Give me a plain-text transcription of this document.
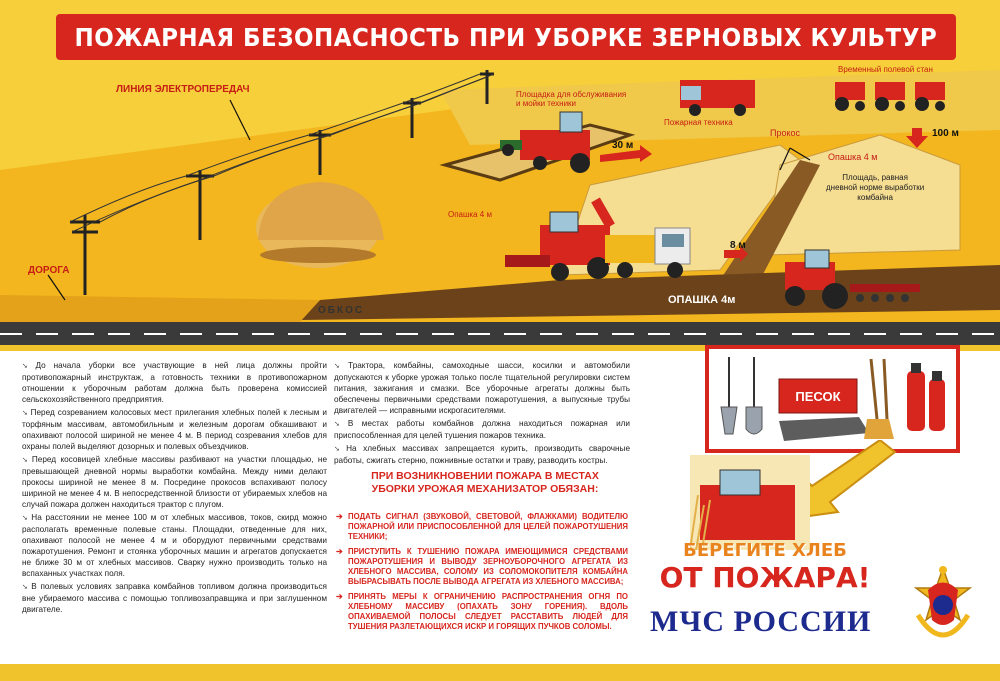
ЛИНИЯ ЭЛЕКТРОПЕРЕДАЧ
ДОРОГА
ОБКОС
Площадка для обслуживания
и мойки техники
Пожарная техника
Временный полевой стан
Прокос
Опашка 4 м
Опашка 4 м
ОПАШКА 4м
Площадь, равная
дневной норме выработки
комбайна
30 м
100 м
8 м
ПОЖАРНАЯ БЕЗОПАСНОСТЬ ПРИ УБОРКЕ ЗЕРНОВЫХ КУЛЬТУР

➘ До начала уборки все участвующие в ней лица должны пройти противопожарный инструктаж, а готовность техники в противопожарном отношении к уборочным работам должна быть проверена комиссией сельскохозяйственного предприятия.

➘ Перед созреванием колосовых мест прилегания хлебных полей к лесным и торфяным массивам, автомобильным и железным дорогам обкашивают и опахивают полосой шириной не менее 4 м. В период созревания хлебов для охраны полей выделяют дозорных и полевых объездчиков.

➘ Перед косовицей хлебные массивы разбивают на участки площадью, не превышающей дневной нормы выработки комбайна. Между ними делают прокосы шириной не менее 8 м. Посредине прокосов вспахивают полосу шириной не менее 4 м. В непосредственной близости от убираемых хлебов на случай пожара должен находиться трактор с плугом.

➘ На расстоянии не менее 100 м от хлебных массивов, токов, скирд можно располагать временные полевые станы. Площадки, отведенные для них, опахивают полосой не менее 4 м и оборудуют первичными средствами пожаротушения. Ремонт и стоянка уборочных машин и агрегатов допускается не ближе 30 м от хлебных массивов. Сварку нужно производить только на вспаханных участках поля.

➘ В полевых условиях заправка комбайнов топливом должна производиться вне убираемого массива с помощью топливозаправщика и при заглушенном двигателе.

➘ Трактора, комбайны, самоходные шасси, косилки и автомобили допускаются к уборке урожая только после тщательной регулировки систем питания, зажигания и смазки. Все уборочные агрегаты должны быть обеспечены первичными средствами пожаротушения, а выпускные трубы двигателей — исправными искрогасителями.

➘ В местах работы комбайнов должна находиться пожарная или приспособленная для целей тушения пожаров техника.

➘ На хлебных массивах запрещается курить, производить сварочные работы, сжигать стерню, пожнивные остатки и траву, разводить костры.

ПРИ ВОЗНИКНОВЕНИИ ПОЖАРА В МЕСТАХ УБОРКИ УРОЖАЯ МЕХАНИЗАТОР ОБЯЗАН:
➔ ПОДАТЬ СИГНАЛ (ЗВУКОВОЙ, СВЕТОВОЙ, ФЛАЖКАМИ) ВОДИТЕЛЮ ПОЖАРНОЙ ИЛИ ПРИСПОСОБЛЕННОЙ ДЛЯ ЦЕЛЕЙ ПОЖАРОТУШЕНИЯ ТЕХНИКИ;
➔ ПРИСТУПИТЬ К ТУШЕНИЮ ПОЖАРА ИМЕЮЩИМИСЯ СРЕДСТВАМИ ПОЖАРОТУШЕНИЯ И ВЫВОДУ ЗЕРНОУБОРОЧНОГО АГРЕГАТА ИЗ ХЛЕБНОГО МАССИВА, СОЛОМУ ИЗ СОЛОМОКОПИТЕЛЯ КОМБАЙНА ВЫБРАСЫВАТЬ ПОСЛЕ ВЫВОДА АГРЕГАТА ИЗ ХЛЕБНОГО МАССИВА;
➔ ПРИНЯТЬ МЕРЫ К ОГРАНИЧЕНИЮ РАСПРОСТРАНЕНИЯ ОГНЯ ПО ХЛЕБНОМУ МАССИВУ (ОПАХАТЬ ЗОНУ ГОРЕНИЯ). ВДОЛЬ ОПАХИВАЕМОЙ ПОЛОСЫ СЛЕДУЕТ РАССТАВИТЬ ЛЮДЕЙ ДЛЯ ТУШЕНИЯ РАЗЛЕТАЮЩИХСЯ ИСКР И ГОРЯЩИХ ПУЧКОВ СОЛОМЫ.
ПЕСОК
БЕРЕГИТЕ ХЛЕБ
ОТ ПОЖАРА!
МЧС РОССИИ
